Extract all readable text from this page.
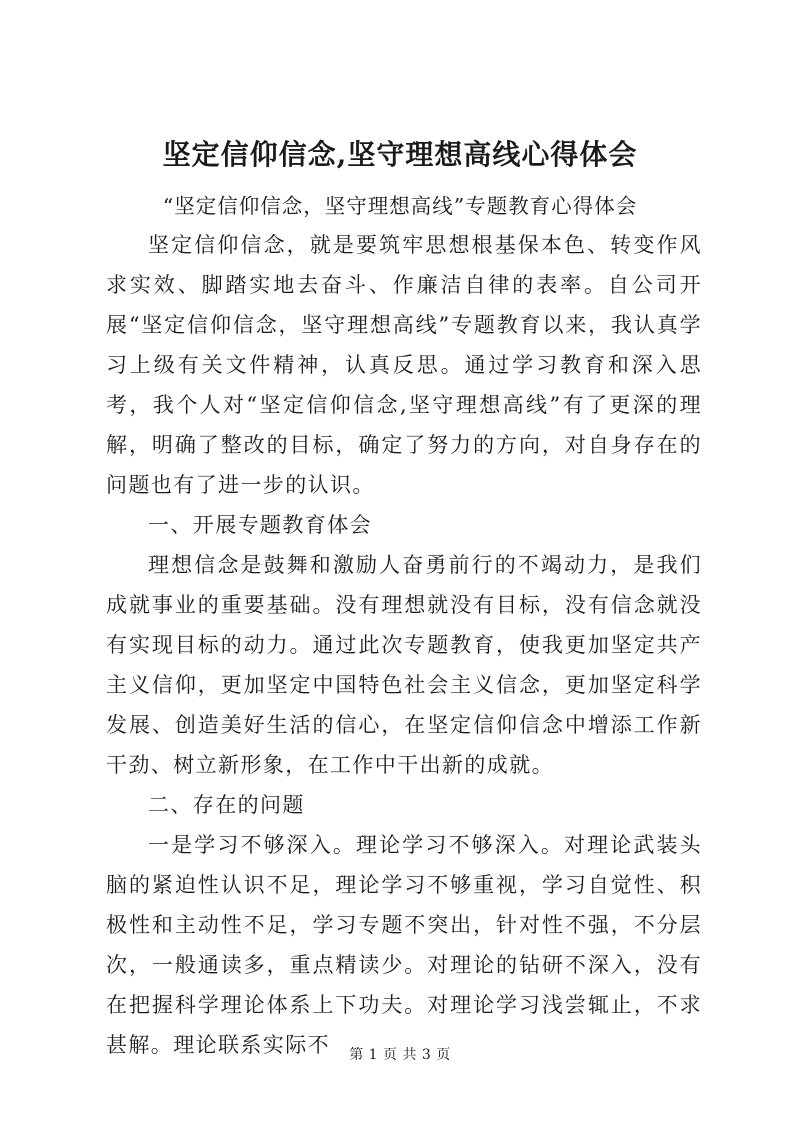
坚定信仰信念,坚守理想高线心得体会
“坚定信仰信念，坚守理想高线”专题教育心得体会

坚定信仰信念，就是要筑牢思想根基保本色、转变作风求实效、脚踏实地去奋斗、作廉洁自律的表率。自公司开展“坚定信仰信念，坚守理想高线”专题教育以来，我认真学习上级有关文件精神，认真反思。通过学习教育和深入思考，我个人对“坚定信仰信念,坚守理想高线”有了更深的理解，明确了整改的目标，确定了努力的方向，对自身存在的问题也有了进一步的认识。

一、开展专题教育体会

理想信念是鼓舞和激励人奋勇前行的不竭动力，是我们成就事业的重要基础。没有理想就没有目标，没有信念就没有实现目标的动力。通过此次专题教育，使我更加坚定共产主义信仰，更加坚定中国特色社会主义信念，更加坚定科学发展、创造美好生活的信心，在坚定信仰信念中增添工作新干劲、树立新形象，在工作中干出新的成就。

二、存在的问题

一是学习不够深入。理论学习不够深入。对理论武装头脑的紧迫性认识不足，理论学习不够重视，学习自觉性、积极性和主动性不足，学习专题不突出，针对性不强，不分层次，一般通读多，重点精读少。对理论的钻研不深入，没有在把握科学理论体系上下功夫。对理论学习浅尝辄止，不求甚解。理论联系实际不	第 1 页 共 3 页
